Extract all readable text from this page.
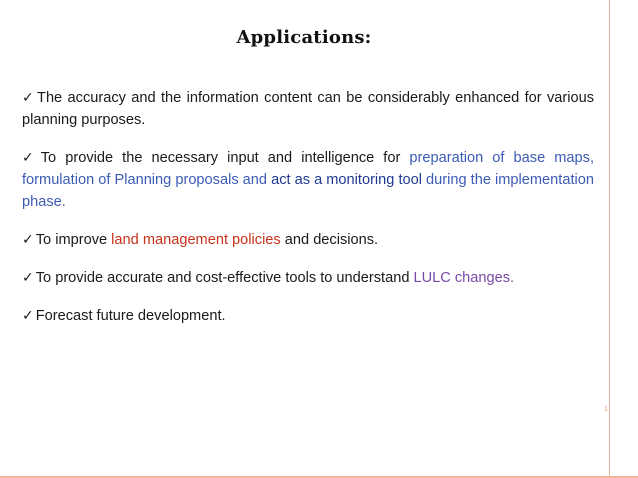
Applications:

✓ The accuracy and the information content can be considerably enhanced for various planning purposes.

✓ To provide the necessary input and intelligence for preparation of base maps, formulation of Planning proposals and act as a monitoring tool during the implementation phase.

✓ To improve land management policies and decisions.

✓ To provide accurate and cost-effective tools to understand LULC changes.

✓ Forecast future development.

1
